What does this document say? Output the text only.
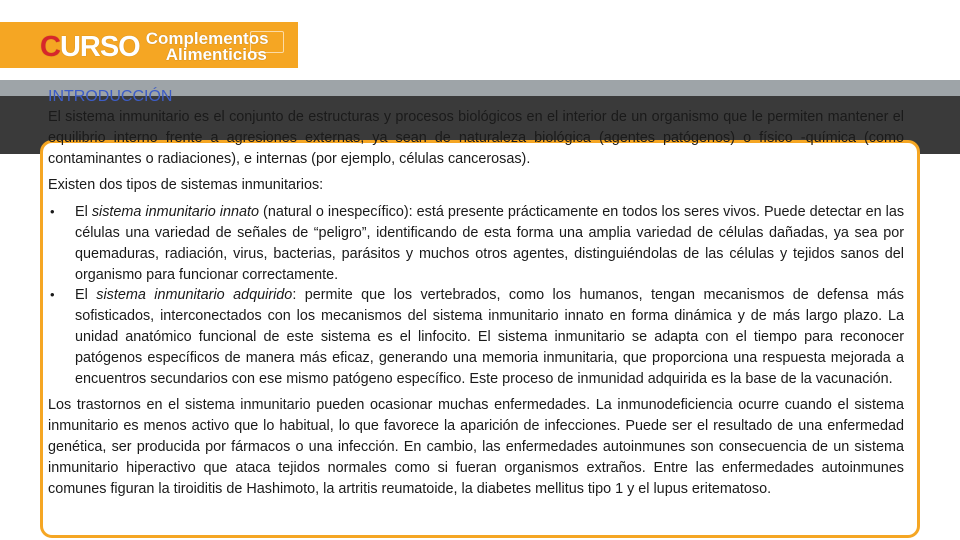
CURSO Complementos
Alimenticios
INTRODUCCIÓN

El sistema inmunitario es el conjunto de estructuras y procesos biológicos en el interior de un organismo que le permiten mantener el equilibrio interno frente a agresiones externas, ya sean de naturaleza biológica (agentes patógenos) o físico -química (como contaminantes o radiaciones), e internas (por ejemplo, células cancerosas).

Existen dos tipos de sistemas inmunitarios:

• El sistema inmunitario innato (natural o inespecífico): está presente prácticamente en todos los seres vivos. Puede detectar en las células una variedad de señales de “peligro”, identificando de esta forma una amplia variedad de células dañadas, ya sea por quemaduras, radiación, virus, bacterias, parásitos y muchos otros agentes, distinguiéndolas de las células y tejidos sanos del organismo para funcionar correctamente.
• El sistema inmunitario adquirido: permite que los vertebrados, como los humanos, tengan mecanismos de defensa más sofisticados, interconectados con los mecanismos del sistema inmunitario innato en forma dinámica y de más largo plazo. La unidad anatómico funcional de este sistema es el linfocito. El sistema inmunitario se adapta con el tiempo para reconocer patógenos específicos de manera más eficaz, generando una memoria inmunitaria, que proporciona una respuesta mejorada a encuentros secundarios con ese mismo patógeno específico. Este proceso de inmunidad adquirida es la base de la vacunación.

Los trastornos en el sistema inmunitario pueden ocasionar muchas enfermedades. La inmunodeficiencia ocurre cuando el sistema inmunitario es menos activo que lo habitual, lo que favorece la aparición de infecciones. Puede ser el resultado de una enfermedad genética, ser producida por fármacos o una infección. En cambio, las enfermedades autoinmunes son consecuencia de un sistema inmunitario hiperactivo que ataca tejidos normales como si fueran organismos extraños. Entre las enfermedades autoinmunes comunes figuran la tiroiditis de Hashimoto, la artritis reumatoide, la diabetes mellitus tipo 1 y el lupus eritematoso.
